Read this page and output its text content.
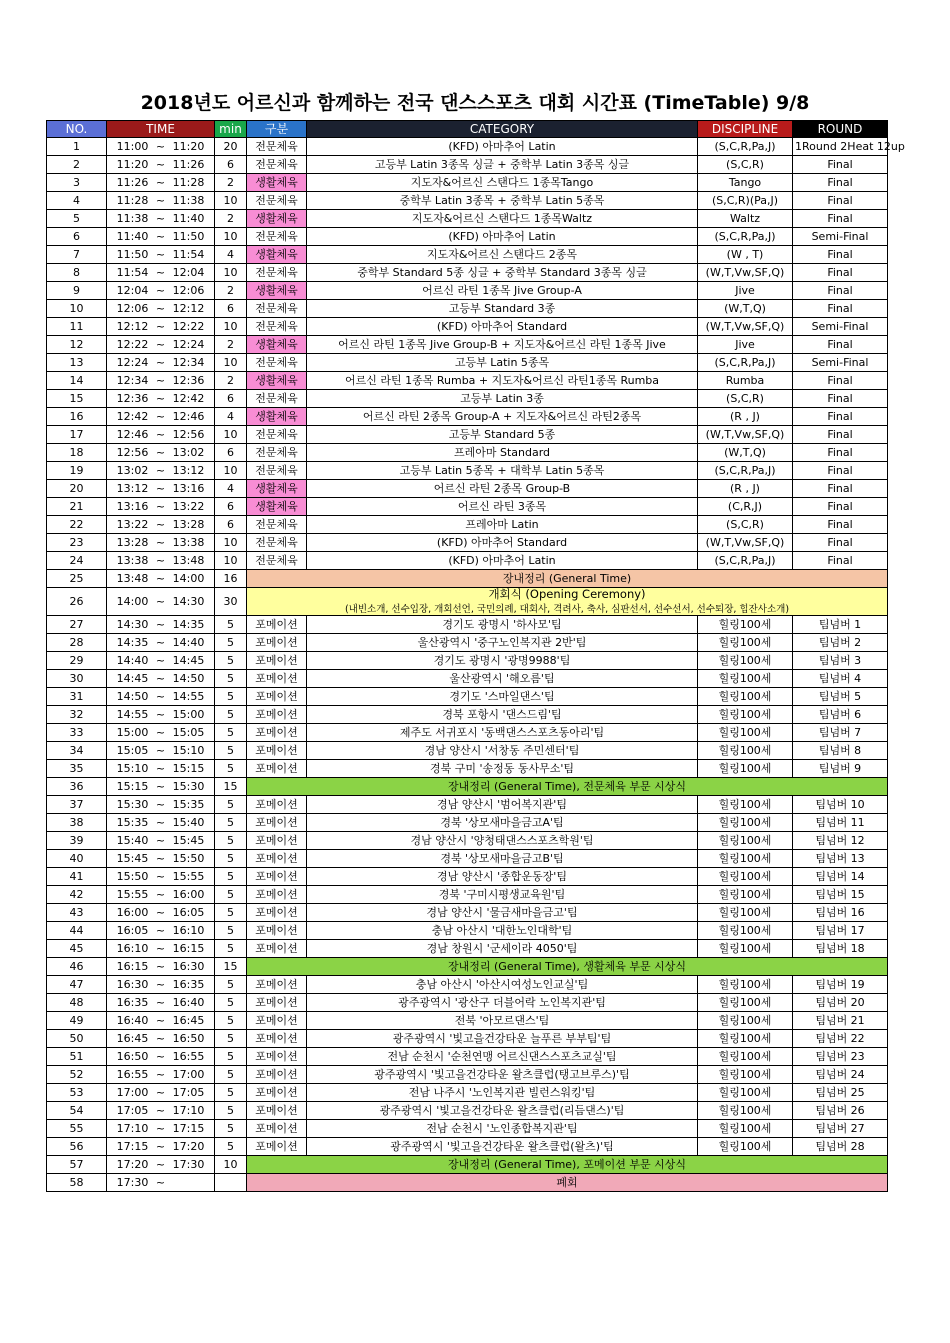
2018년도 어르신과 함께하는 전국 댄스스포츠 대회 시간표 (TimeTable) 9/8
NO.	TIME	min	구분	CATEGORY	DISCIPLINE	ROUND
1	11:00 ~ 11:20	20	전문체육	(KFD) 아마추어 Latin	(S,C,R,Pa,J)	1Round 2Heat 12up
2	11:20 ~ 11:26	6	전문체육	고등부 Latin 3종목 싱글 + 중학부 Latin 3종목 싱글	(S,C,R)	Final
3	11:26 ~ 11:28	2	생활체육	지도자&어르신 스탠다드 1종목Tango	Tango	Final
4	11:28 ~ 11:38	10	전문체육	중학부 Latin 3종목 + 중학부 Latin 5종목	(S,C,R)(Pa,J)	Final
5	11:38 ~ 11:40	2	생활체육	지도자&어르신 스탠다드 1종목Waltz	Waltz	Final
6	11:40 ~ 11:50	10	전문체육	(KFD) 아마추어 Latin	(S,C,R,Pa,J)	Semi-Final
7	11:50 ~ 11:54	4	생활체육	지도자&어르신 스탠다드 2종목	(W , T)	Final
8	11:54 ~ 12:04	10	전문체육	중학부 Standard 5종 싱글 + 중학부 Standard 3종목 싱글	(W,T,Vw,SF,Q)	Final
9	12:04 ~ 12:06	2	생활체육	어르신 라틴 1종목 Jive Group-A	Jive	Final
10	12:06 ~ 12:12	6	전문체육	고등부 Standard 3종	(W,T,Q)	Final
11	12:12 ~ 12:22	10	전문체육	(KFD) 아마추어 Standard	(W,T,Vw,SF,Q)	Semi-Final
12	12:22 ~ 12:24	2	생활체육	어르신 라틴 1종목 Jive Group-B + 지도자&어르신 라틴 1종목 Jive	Jive	Final
13	12:24 ~ 12:34	10	전문체육	고등부 Latin 5종목	(S,C,R,Pa,J)	Semi-Final
14	12:34 ~ 12:36	2	생활체육	어르신 라틴 1종목 Rumba + 지도자&어르신 라틴1종목 Rumba	Rumba	Final
15	12:36 ~ 12:42	6	전문체육	고등부 Latin 3종	(S,C,R)	Final
16	12:42 ~ 12:46	4	생활체육	어르신 라틴 2종목 Group-A + 지도자&어르신 라틴2종목	(R , J)	Final
17	12:46 ~ 12:56	10	전문체육	고등부 Standard 5종	(W,T,Vw,SF,Q)	Final
18	12:56 ~ 13:02	6	전문체육	프레아마 Standard	(W,T,Q)	Final
19	13:02 ~ 13:12	10	전문체육	고등부 Latin 5종목 + 대학부 Latin 5종목	(S,C,R,Pa,J)	Final
20	13:12 ~ 13:16	4	생활체육	어르신 라틴 2종목 Group-B	(R , J)	Final
21	13:16 ~ 13:22	6	생활체육	어르신 라틴 3종목	(C,R,J)	Final
22	13:22 ~ 13:28	6	전문체육	프레아마 Latin	(S,C,R)	Final
23	13:28 ~ 13:38	10	전문체육	(KFD) 아마추어 Standard	(W,T,Vw,SF,Q)	Final
24	13:38 ~ 13:48	10	전문체육	(KFD) 아마추어 Latin	(S,C,R,Pa,J)	Final
25	13:48 ~ 14:00	16	장내정리 (General Time)			
26	14:00 ~ 14:30	30	개회식 (Opening Ceremony)
(내빈소개, 선수입장, 개회선언, 국민의례, 대회사, 격려사, 축사, 심판선서, 선수선서, 선수퇴장, 힙잔사소개)			

27	14:30 ~ 14:35	5	포메이션	경기도 광명시 '하사모'팀	힐링100세	팀넘버 1
28	14:35 ~ 14:40	5	포메이션	울산광역시 '중구노인복지관 2반'팀	힐링100세	팀넘버 2
29	14:40 ~ 14:45	5	포메이션	경기도 광명시 '광명9988'팀	힐링100세	팀넘버 3
30	14:45 ~ 14:50	5	포메이션	울산광역시 '해오름'팀	힐링100세	팀넘버 4
31	14:50 ~ 14:55	5	포메이션	경기도 '스마일댄스'팀	힐링100세	팀넘버 5
32	14:55 ~ 15:00	5	포메이션	경북 포항시 '댄스드림'팀	힐링100세	팀넘버 6
33	15:00 ~ 15:05	5	포메이션	제주도 서귀포시 '동백댄스스포츠동아리'팀	힐링100세	팀넘버 7
34	15:05 ~ 15:10	5	포메이션	경남 양산시 '서창동 주민센터'팀	힐링100세	팀넘버 8
35	15:10 ~ 15:15	5	포메이션	경북 구미 '송정동 동사무소'팀	힐링100세	팀넘버 9
36	15:15 ~ 15:30	15	장내정리 (General Time), 전문체육 부문 시상식			
37	15:30 ~ 15:35	5	포메이션	경남 양산시 '범어복지관'팀	힐링100세	팀넘버 10
38	15:35 ~ 15:40	5	포메이션	경북 '상모새마을금고A'팀	힐링100세	팀넘버 11
39	15:40 ~ 15:45	5	포메이션	경남 양산시 '양청태댄스스포츠학원'팀	힐링100세	팀넘버 12
40	15:45 ~ 15:50	5	포메이션	경북 '상모새마을금고B'팀	힐링100세	팀넘버 13
41	15:50 ~ 15:55	5	포메이션	경남 양산시 '종합운동장'팀	힐링100세	팀넘버 14
42	15:55 ~ 16:00	5	포메이션	경북 '구미시평생교육원'팀	힐링100세	팀넘버 15
43	16:00 ~ 16:05	5	포메이션	경남 양산시 '물금새마을금고'팀	힐링100세	팀넘버 16
44	16:05 ~ 16:10	5	포메이션	충남 아산시 '대한노인대학'팀	힐링100세	팀넘버 17
45	16:10 ~ 16:15	5	포메이션	경남 창원시 '군세이라 4050'팀	힐링100세	팀넘버 18
46	16:15 ~ 16:30	15	장내정리 (General Time), 생활체육 부문 시상식			
47	16:30 ~ 16:35	5	포메이션	충남 아산시 '아산시여성노인교실'팀	힐링100세	팀넘버 19
48	16:35 ~ 16:40	5	포메이션	광주광역시 '광산구 더블어락 노인복지관'팀	힐링100세	팀넘버 20
49	16:40 ~ 16:45	5	포메이션	전북 '아모르댄스'팀	힐링100세	팀넘버 21
50	16:45 ~ 16:50	5	포메이션	광주광역시 '빛고을건강타운 늘푸른 부부팀'팀	힐링100세	팀넘버 22
51	16:50 ~ 16:55	5	포메이션	전남 순천시 '순천연맹 어르신댄스스포츠교실'팀	힐링100세	팀넘버 23
52	16:55 ~ 17:00	5	포메이션	광주광역시 '빛고을건강타운 왈츠클럽(탱고브루스)'팀	힐링100세	팀넘버 24
53	17:00 ~ 17:05	5	포메이션	전남 나주시 '노인복지관 빌런스워킹'팀	힐링100세	팀넘버 25
54	17:05 ~ 17:10	5	포메이션	광주광역시 '빛고을건강타운 왈츠클럽(리듬댄스)'팀	힐링100세	팀넘버 26
55	17:10 ~ 17:15	5	포메이션	전남 순천시 '노인종합복지관'팀	힐링100세	팀넘버 27
56	17:15 ~ 17:20	5	포메이션	광주광역시 '빛고을건강타운 왈츠클럽(왈츠)'팀	힐링100세	팀넘버 28
57	17:20 ~ 17:30	10	장내정리 (General Time), 포메이션 부문 시상식			
58	17:30 ~		폐회			
